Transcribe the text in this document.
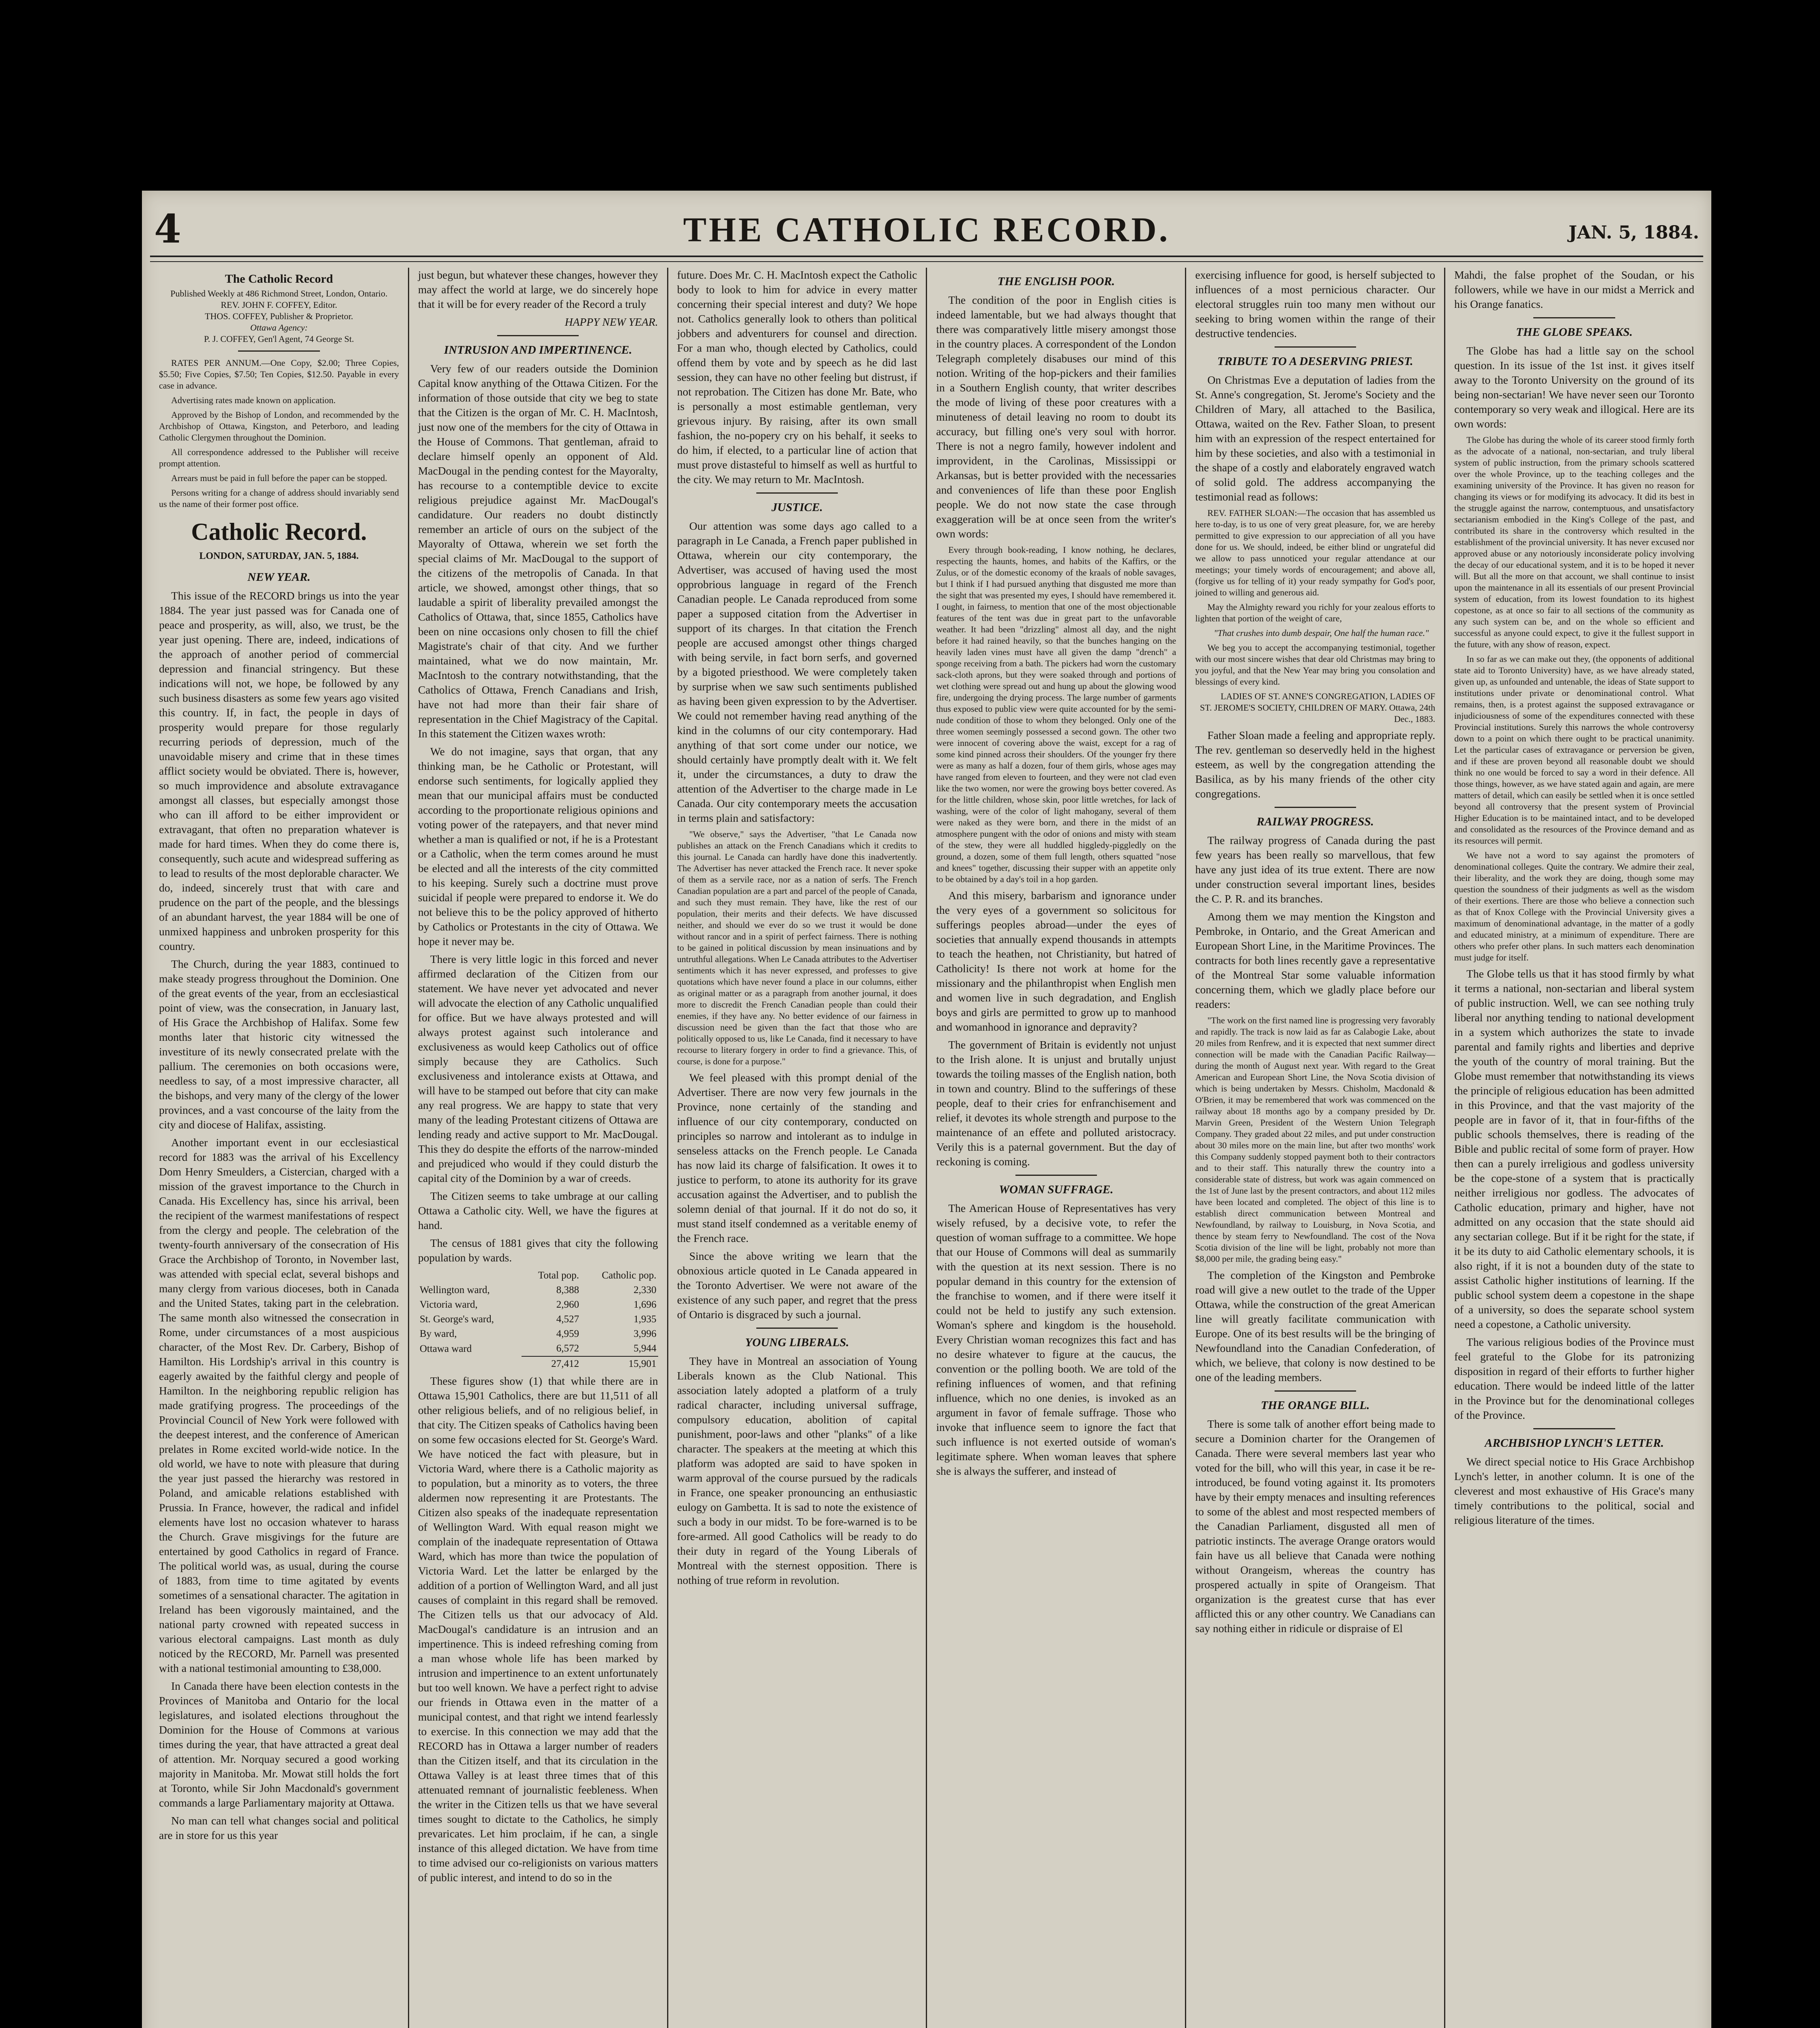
4	THE CATHOLIC RECORD.	JAN. 5, 1884.
The Catholic Record
Published Weekly at 486 Richmond Street, London, Ontario.
REV. JOHN F. COFFEY, Editor.
THOS. COFFEY, Publisher & Proprietor.
Ottawa Agency:
P. J. COFFEY, Gen'l Agent, 74 George St.

RATES PER ANNUM.—One Copy, $2.00; Three Copies, $5.50; Five Copies, $7.50; Ten Copies, $12.50. Payable in every case in advance.

Advertising rates made known on application.

Approved by the Bishop of London, and recommended by the Archbishop of Ottawa, Kingston, and Peterboro, and leading Catholic Clergymen throughout the Dominion.

All correspondence addressed to the Publisher will receive prompt attention.

Arrears must be paid in full before the paper can be stopped.

Persons writing for a change of address should invariably send us the name of their former post office.

Catholic Record.
LONDON, SATURDAY, JAN. 5, 1884.
NEW YEAR.

This issue of the RECORD brings us into the year 1884. The year just passed was for Canada one of peace and prosperity, as will, also, we trust, be the year just opening. There are, indeed, indications of the approach of another period of commercial depression and financial stringency. But these indications will not, we hope, be followed by any such business disasters as some few years ago visited this country. If, in fact, the people in days of prosperity would prepare for those regularly recurring periods of depression, much of the unavoidable misery and crime that in these times afflict society would be obviated. There is, however, so much improvidence and absolute extravagance amongst all classes, but especially amongst those who can ill afford to be either improvident or extravagant, that often no preparation whatever is made for hard times. When they do come there is, consequently, such acute and widespread suffering as to lead to results of the most deplorable character. We do, indeed, sincerely trust that with care and prudence on the part of the people, and the blessings of an abundant harvest, the year 1884 will be one of unmixed happiness and unbroken prosperity for this country.

The Church, during the year 1883, continued to make steady progress throughout the Dominion. One of the great events of the year, from an ecclesiastical point of view, was the consecration, in January last, of His Grace the Archbishop of Halifax. Some few months later that historic city witnessed the investiture of its newly consecrated prelate with the pallium. The ceremonies on both occasions were, needless to say, of a most impressive character, all the bishops, and very many of the clergy of the lower provinces, and a vast concourse of the laity from the city and diocese of Halifax, assisting.

Another important event in our ecclesiastical record for 1883 was the arrival of his Excellency Dom Henry Smeulders, a Cistercian, charged with a mission of the gravest importance to the Church in Canada. His Excellency has, since his arrival, been the recipient of the warmest manifestations of respect from the clergy and people. The celebration of the twenty-fourth anniversary of the consecration of His Grace the Archbishop of Toronto, in November last, was attended with special eclat, several bishops and many clergy from various dioceses, both in Canada and the United States, taking part in the celebration. The same month also witnessed the consecration in Rome, under circumstances of a most auspicious character, of the Most Rev. Dr. Carbery, Bishop of Hamilton. His Lordship's arrival in this country is eagerly awaited by the faithful clergy and people of Hamilton. In the neighboring republic religion has made gratifying progress. The proceedings of the Provincial Council of New York were followed with the deepest interest, and the conference of American prelates in Rome excited world-wide notice. In the old world, we have to note with pleasure that during the year just passed the hierarchy was restored in Poland, and amicable relations established with Prussia. In France, however, the radical and infidel elements have lost no occasion whatever to harass the Church. Grave misgivings for the future are entertained by good Catholics in regard of France. The political world was, as usual, during the course of 1883, from time to time agitated by events sometimes of a sensational character. The agitation in Ireland has been vigorously maintained, and the national party crowned with repeated success in various electoral campaigns. Last month as duly noticed by the RECORD, Mr. Parnell was presented with a national testimonial amounting to £38,000.

In Canada there have been election contests in the Provinces of Manitoba and Ontario for the local legislatures, and isolated elections throughout the Dominion for the House of Commons at various times during the year, that have attracted a great deal of attention. Mr. Norquay secured a good working majority in Manitoba. Mr. Mowat still holds the fort at Toronto, while Sir John Macdonald's government commands a large Parliamentary majority at Ottawa.

No man can tell what changes social and political are in store for us this year

just begun, but whatever these changes, however they may affect the world at large, we do sincerely hope that it will be for every reader of the Record a truly

HAPPY NEW YEAR.
INTRUSION AND IMPERTINENCE.

Very few of our readers outside the Dominion Capital know anything of the Ottawa Citizen. For the information of those outside that city we beg to state that the Citizen is the organ of Mr. C. H. MacIntosh, just now one of the members for the city of Ottawa in the House of Commons. That gentleman, afraid to declare himself openly an opponent of Ald. MacDougal in the pending contest for the Mayoralty, has recourse to a contemptible device to excite religious prejudice against Mr. MacDougal's candidature. Our readers no doubt distinctly remember an article of ours on the subject of the Mayoralty of Ottawa, wherein we set forth the special claims of Mr. MacDougal to the support of the citizens of the metropolis of Canada. In that article, we showed, amongst other things, that so laudable a spirit of liberality prevailed amongst the Catholics of Ottawa, that, since 1855, Catholics have been on nine occasions only chosen to fill the chief Magistrate's chair of that city. And we further maintained, what we do now maintain, Mr. MacIntosh to the contrary notwithstanding, that the Catholics of Ottawa, French Canadians and Irish, have not had more than their fair share of representation in the Chief Magistracy of the Capital. In this statement the Citizen waxes wroth:

We do not imagine, says that organ, that any thinking man, be he Catholic or Protestant, will endorse such sentiments, for logically applied they mean that our municipal affairs must be conducted according to the proportionate religious opinions and voting power of the ratepayers, and that never mind whether a man is qualified or not, if he is a Protestant or a Catholic, when the term comes around he must be elected and all the interests of the city committed to his keeping. Surely such a doctrine must prove suicidal if people were prepared to endorse it. We do not believe this to be the policy approved of hitherto by Catholics or Protestants in the city of Ottawa. We hope it never may be.

There is very little logic in this forced and never affirmed declaration of the Citizen from our statement. We have never yet advocated and never will advocate the election of any Catholic unqualified for office. But we have always protested and will always protest against such intolerance and exclusiveness as would keep Catholics out of office simply because they are Catholics. Such exclusiveness and intolerance exists at Ottawa, and will have to be stamped out before that city can make any real progress. We are happy to state that very many of the leading Protestant citizens of Ottawa are lending ready and active support to Mr. MacDougal. This they do despite the efforts of the narrow-minded and prejudiced who would if they could disturb the capital city of the Dominion by a war of creeds.

The Citizen seems to take umbrage at our calling Ottawa a Catholic city. Well, we have the figures at hand.

The census of 1881 gives that city the following population by wards.

	Total pop.	Catholic pop.
Wellington ward,	8,388	2,330
Victoria ward,	2,960	1,696
St. George's ward,	4,527	1,935
By ward,	4,959	3,996
Ottawa ward	6,572	5,944
	27,412	15,901

These figures show (1) that while there are in Ottawa 15,901 Catholics, there are but 11,511 of all other religious beliefs, and of no religious belief, in that city. The Citizen speaks of Catholics having been on some few occasions elected for St. George's Ward. We have noticed the fact with pleasure, but in Victoria Ward, where there is a Catholic majority as to population, but a minority as to voters, the three aldermen now representing it are Protestants. The Citizen also speaks of the inadequate representation of Wellington Ward. With equal reason might we complain of the inadequate representation of Ottawa Ward, which has more than twice the population of Victoria Ward. Let the latter be enlarged by the addition of a portion of Wellington Ward, and all just causes of complaint in this regard shall be removed. The Citizen tells us that our advocacy of Ald. MacDougal's candidature is an intrusion and an impertinence. This is indeed refreshing coming from a man whose whole life has been marked by intrusion and impertinence to an extent unfortunately but too well known. We have a perfect right to advise our friends in Ottawa even in the matter of a municipal contest, and that right we intend fearlessly to exercise. In this connection we may add that the RECORD has in Ottawa a larger number of readers than the Citizen itself, and that its circulation in the Ottawa Valley is at least three times that of this attenuated remnant of journalistic feebleness. When the writer in the Citizen tells us that we have several times sought to dictate to the Catholics, he simply prevaricates. Let him proclaim, if he can, a single instance of this alleged dictation. We have from time to time advised our co-religionists on various matters of public interest, and intend to do so in the

future. Does Mr. C. H. MacIntosh expect the Catholic body to look to him for advice in every matter concerning their special interest and duty? We hope not. Catholics generally look to others than political jobbers and adventurers for counsel and direction. For a man who, though elected by Catholics, could offend them by vote and by speech as he did last session, they can have no other feeling but distrust, if not reprobation. The Citizen has done Mr. Bate, who is personally a most estimable gentleman, very grievous injury. By raising, after its own small fashion, the no-popery cry on his behalf, it seeks to do him, if elected, to a particular line of action that must prove distasteful to himself as well as hurtful to the city. We may return to Mr. MacIntosh.

JUSTICE.

Our attention was some days ago called to a paragraph in Le Canada, a French paper published in Ottawa, wherein our city contemporary, the Advertiser, was accused of having used the most opprobrious language in regard of the French Canadian people. Le Canada reproduced from some paper a supposed citation from the Advertiser in support of its charges. In that citation the French people are accused amongst other things charged with being servile, in fact born serfs, and governed by a bigoted priesthood. We were completely taken by surprise when we saw such sentiments published as having been given expression to by the Advertiser. We could not remember having read anything of the kind in the columns of our city contemporary. Had anything of that sort come under our notice, we should certainly have promptly dealt with it. We felt it, under the circumstances, a duty to draw the attention of the Advertiser to the charge made in Le Canada. Our city contemporary meets the accusation in terms plain and satisfactory:

"We observe," says the Advertiser, "that Le Canada now publishes an attack on the French Canadians which it credits to this journal. Le Canada can hardly have done this inadvertently. The Advertiser has never attacked the French race. It never spoke of them as a servile race, nor as a nation of serfs. The French Canadian population are a part and parcel of the people of Canada, and such they must remain. They have, like the rest of our population, their merits and their defects. We have discussed neither, and should we ever do so we trust it would be done without rancor and in a spirit of perfect fairness. There is nothing to be gained in political discussion by mean insinuations and by untruthful allegations. When Le Canada attributes to the Advertiser sentiments which it has never expressed, and professes to give quotations which have never found a place in our columns, either as original matter or as a paragraph from another journal, it does more to discredit the French Canadian people than could their enemies, if they have any. No better evidence of our fairness in discussion need be given than the fact that those who are politically opposed to us, like Le Canada, find it necessary to have recourse to literary forgery in order to find a grievance. This, of course, is done for a purpose."

We feel pleased with this prompt denial of the Advertiser. There are now very few journals in the Province, none certainly of the standing and influence of our city contemporary, conducted on principles so narrow and intolerant as to indulge in senseless attacks on the French people. Le Canada has now laid its charge of falsification. It owes it to justice to perform, to atone its authority for its grave accusation against the Advertiser, and to publish the solemn denial of that journal. If it do not do so, it must stand itself condemned as a veritable enemy of the French race.

Since the above writing we learn that the obnoxious article quoted in Le Canada appeared in the Toronto Advertiser. We were not aware of the existence of any such paper, and regret that the press of Ontario is disgraced by such a journal.

YOUNG LIBERALS.

They have in Montreal an association of Young Liberals known as the Club National. This association lately adopted a platform of a truly radical character, including universal suffrage, compulsory education, abolition of capital punishment, poor-laws and other "planks" of a like character. The speakers at the meeting at which this platform was adopted are said to have spoken in warm approval of the course pursued by the radicals in France, one speaker pronouncing an enthusiastic eulogy on Gambetta. It is sad to note the existence of such a body in our midst. To be fore-warned is to be fore-armed. All good Catholics will be ready to do their duty in regard of the Young Liberals of Montreal with the sternest opposition. There is nothing of true reform in revolution.

THE ENGLISH POOR.

The condition of the poor in English cities is indeed lamentable, but we had always thought that there was comparatively little misery amongst those in the country places. A correspondent of the London Telegraph completely disabuses our mind of this notion. Writing of the hop-pickers and their families in a Southern English county, that writer describes the mode of living of these poor creatures with a minuteness of detail leaving no room to doubt its accuracy, but filling one's very soul with horror. There is not a negro family, however indolent and improvident, in the Carolinas, Mississippi or Arkansas, but is better provided with the necessaries and conveniences of life than these poor English people. We do not now state the case through exaggeration will be at once seen from the writer's own words:

Every through book-reading, I know nothing, he declares, respecting the haunts, homes, and habits of the Kaffirs, or the Zulus, or of the domestic economy of the kraals of noble savages, but I think if I had pursued anything that disgusted me more than the sight that was presented my eyes, I should have remembered it. I ought, in fairness, to mention that one of the most objectionable features of the tent was due in great part to the unfavorable weather. It had been "drizzling" almost all day, and the night before it had rained heavily, so that the bunches hanging on the heavily laden vines must have all given the damp "drench" a sponge receiving from a bath. The pickers had worn the customary sack-cloth aprons, but they were soaked through and portions of wet clothing were spread out and hung up about the glowing wood fire, undergoing the drying process. The large number of garments thus exposed to public view were quite accounted for by the semi-nude condition of those to whom they belonged. Only one of the three women seemingly possessed a second gown. The other two were innocent of covering above the waist, except for a rag of some kind pinned across their shoulders. Of the younger fry there were as many as half a dozen, four of them girls, whose ages may have ranged from eleven to fourteen, and they were not clad even like the two women, nor were the growing boys better covered. As for the little children, whose skin, poor little wretches, for lack of washing, were of the color of light mahogany, several of them were naked as they were born, and there in the midst of an atmosphere pungent with the odor of onions and misty with steam of the stew, they were all huddled higgledy-piggledly on the ground, a dozen, some of them full length, others squatted "nose and knees" together, discussing their supper with an appetite only to be obtained by a day's toil in a hop garden.

And this misery, barbarism and ignorance under the very eyes of a government so solicitous for sufferings peoples abroad—under the eyes of societies that annually expend thousands in attempts to teach the heathen, not Christianity, but hatred of Catholicity! Is there not work at home for the missionary and the philanthropist when English men and women live in such degradation, and English boys and girls are permitted to grow up to manhood and womanhood in ignorance and depravity?

The government of Britain is evidently not unjust to the Irish alone. It is unjust and brutally unjust towards the toiling masses of the English nation, both in town and country. Blind to the sufferings of these people, deaf to their cries for enfranchisement and relief, it devotes its whole strength and purpose to the maintenance of an effete and polluted aristocracy. Verily this is a paternal government. But the day of reckoning is coming.

WOMAN SUFFRAGE.

The American House of Representatives has very wisely refused, by a decisive vote, to refer the question of woman suffrage to a committee. We hope that our House of Commons will deal as summarily with the question at its next session. There is no popular demand in this country for the extension of the franchise to women, and if there were itself it could not be held to justify any such extension. Woman's sphere and kingdom is the household. Every Christian woman recognizes this fact and has no desire whatever to figure at the caucus, the convention or the polling booth. We are told of the refining influences of women, and that refining influence, which no one denies, is invoked as an argument in favor of female suffrage. Those who invoke that influence seem to ignore the fact that such influence is not exerted outside of woman's legitimate sphere. When woman leaves that sphere she is always the sufferer, and instead of

exercising influence for good, is herself subjected to influences of a most pernicious character. Our electoral struggles ruin too many men without our seeking to bring women within the range of their destructive tendencies.

TRIBUTE TO A DESERVING PRIEST.

On Christmas Eve a deputation of ladies from the St. Anne's congregation, St. Jerome's Society and the Children of Mary, all attached to the Basilica, Ottawa, waited on the Rev. Father Sloan, to present him with an expression of the respect entertained for him by these societies, and also with a testimonial in the shape of a costly and elaborately engraved watch of solid gold. The address accompanying the testimonial read as follows:

REV. FATHER SLOAN:—The occasion that has assembled us here to-day, is to us one of very great pleasure, for, we are hereby permitted to give expression to our appreciation of all you have done for us. We should, indeed, be either blind or ungrateful did we allow to pass unnoticed your regular attendance at our meetings; your timely words of encouragement; and above all, (forgive us for telling of it) your ready sympathy for God's poor, joined to willing and generous aid.

May the Almighty reward you richly for your zealous efforts to lighten that portion of the weight of care,

"That crushes into dumb despair, One half the human race."

We beg you to accept the accompanying testimonial, together with our most sincere wishes that dear old Christmas may bring to you joyful, and that the New Year may bring you consolation and blessings of every kind.

LADIES OF ST. ANNE'S CONGREGATION, LADIES OF ST. JEROME'S SOCIETY, CHILDREN OF MARY. Ottawa, 24th Dec., 1883.

Father Sloan made a feeling and appropriate reply. The rev. gentleman so deservedly held in the highest esteem, as well by the congregation attending the Basilica, as by his many friends of the other city congregations.

RAILWAY PROGRESS.

The railway progress of Canada during the past few years has been really so marvellous, that few have any just idea of its true extent. There are now under construction several important lines, besides the C. P. R. and its branches.

Among them we may mention the Kingston and Pembroke, in Ontario, and the Great American and European Short Line, in the Maritime Provinces. The contracts for both lines recently gave a representative of the Montreal Star some valuable information concerning them, which we gladly place before our readers:

"The work on the first named line is progressing very favorably and rapidly. The track is now laid as far as Calabogie Lake, about 20 miles from Renfrew, and it is expected that next summer direct connection will be made with the Canadian Pacific Railway—during the month of August next year. With regard to the Great American and European Short Line, the Nova Scotia division of which is being undertaken by Messrs. Chisholm, Macdonald & O'Brien, it may be remembered that work was commenced on the railway about 18 months ago by a company presided by Dr. Marvin Green, President of the Western Union Telegraph Company. They graded about 22 miles, and put under construction about 30 miles more on the main line, but after two months' work this Company suddenly stopped payment both to their contractors and to their staff. This naturally threw the country into a considerable state of distress, but work was again commenced on the 1st of June last by the present contractors, and about 112 miles have been located and completed. The object of this line is to establish direct communication between Montreal and Newfoundland, by railway to Louisburg, in Nova Scotia, and thence by steam ferry to Newfoundland. The cost of the Nova Scotia division of the line will be light, probably not more than $8,000 per mile, the grading being easy."

The completion of the Kingston and Pembroke road will give a new outlet to the trade of the Upper Ottawa, while the construction of the great American line will greatly facilitate communication with Europe. One of its best results will be the bringing of Newfoundland into the Canadian Confederation, of which, we believe, that colony is now destined to be one of the leading members.

THE ORANGE BILL.

There is some talk of another effort being made to secure a Dominion charter for the Orangemen of Canada. There were several members last year who voted for the bill, who will this year, in case it be re-introduced, be found voting against it. Its promoters have by their empty menaces and insulting references to some of the ablest and most respected members of the Canadian Parliament, disgusted all men of patriotic instincts. The average Orange orators would fain have us all believe that Canada were nothing without Orangeism, whereas the country has prospered actually in spite of Orangeism. That organization is the greatest curse that has ever afflicted this or any other country. We Canadians can say nothing either in ridicule or dispraise of El

Mahdi, the false prophet of the Soudan, or his followers, while we have in our midst a Merrick and his Orange fanatics.

THE GLOBE SPEAKS.

The Globe has had a little say on the school question. In its issue of the 1st inst. it gives itself away to the Toronto University on the ground of its being non-sectarian! We have never seen our Toronto contemporary so very weak and illogical. Here are its own words:

The Globe has during the whole of its career stood firmly forth as the advocate of a national, non-sectarian, and truly liberal system of public instruction, from the primary schools scattered over the whole Province, up to the teaching colleges and the examining university of the Province. It has given no reason for changing its views or for modifying its advocacy. It did its best in the struggle against the narrow, contemptuous, and unsatisfactory sectarianism embodied in the King's College of the past, and contributed its share in the controversy which resulted in the establishment of the provincial university. It has never excused nor approved abuse or any notoriously inconsiderate policy involving the decay of our educational system, and it is to be hoped it never will. But all the more on that account, we shall continue to insist upon the maintenance in all its essentials of our present Provincial system of education, from its lowest foundation to its highest copestone, as at once so fair to all sections of the community as any such system can be, and on the whole so efficient and successful as anyone could expect, to give it the fullest support in the future, with any show of reason, expect.

In so far as we can make out they, (the opponents of additional state aid to Toronto University) have, as we have already stated, given up, as unfounded and untenable, the ideas of State support to institutions under private or denominational control. What remains, then, is a protest against the supposed extravagance or injudiciousness of some of the expenditures connected with these Provincial institutions. Surely this narrows the whole controversy down to a point on which there ought to be practical unanimity. Let the particular cases of extravagance or perversion be given, and if these are proven beyond all reasonable doubt we should think no one would be forced to say a word in their defence. All those things, however, as we have stated again and again, are mere matters of detail, which can easily be settled when it is once settled beyond all controversy that the present system of Provincial Higher Education is to be maintained intact, and to be developed and consolidated as the resources of the Province demand and as its resources will permit.

We have not a word to say against the promoters of denominational colleges. Quite the contrary. We admire their zeal, their liberality, and the work they are doing, though some may question the soundness of their judgments as well as the wisdom of their exertions. There are those who believe a connection such as that of Knox College with the Provincial University gives a maximum of denominational advantage, in the matter of a godly and educated ministry, at a minimum of expenditure. There are others who prefer other plans. In such matters each denomination must judge for itself.

The Globe tells us that it has stood firmly by what it terms a national, non-sectarian and liberal system of public instruction. Well, we can see nothing truly liberal nor anything tending to national development in a system which authorizes the state to invade parental and family rights and liberties and deprive the youth of the country of moral training. But the Globe must remember that notwithstanding its views the principle of religious education has been admitted in this Province, and that the vast majority of the people are in favor of it, that in four-fifths of the public schools themselves, there is reading of the Bible and public recital of some form of prayer. How then can a purely irreligious and godless university be the cope-stone of a system that is practically neither irreligious nor godless. The advocates of Catholic education, primary and higher, have not admitted on any occasion that the state should aid any sectarian college. But if it be right for the state, if it be its duty to aid Catholic elementary schools, it is also right, if it is not a bounden duty of the state to assist Catholic higher institutions of learning. If the public school system deem a copestone in the shape of a university, so does the separate school system need a copestone, a Catholic university.

The various religious bodies of the Province must feel grateful to the Globe for its patronizing disposition in regard of their efforts to further higher education. There would be indeed little of the latter in the Province but for the denominational colleges of the Province.

ARCHBISHOP LYNCH'S LETTER.

We direct special notice to His Grace Archbishop Lynch's letter, in another column. It is one of the cleverest and most exhaustive of His Grace's many timely contributions to the political, social and religious literature of the times.
